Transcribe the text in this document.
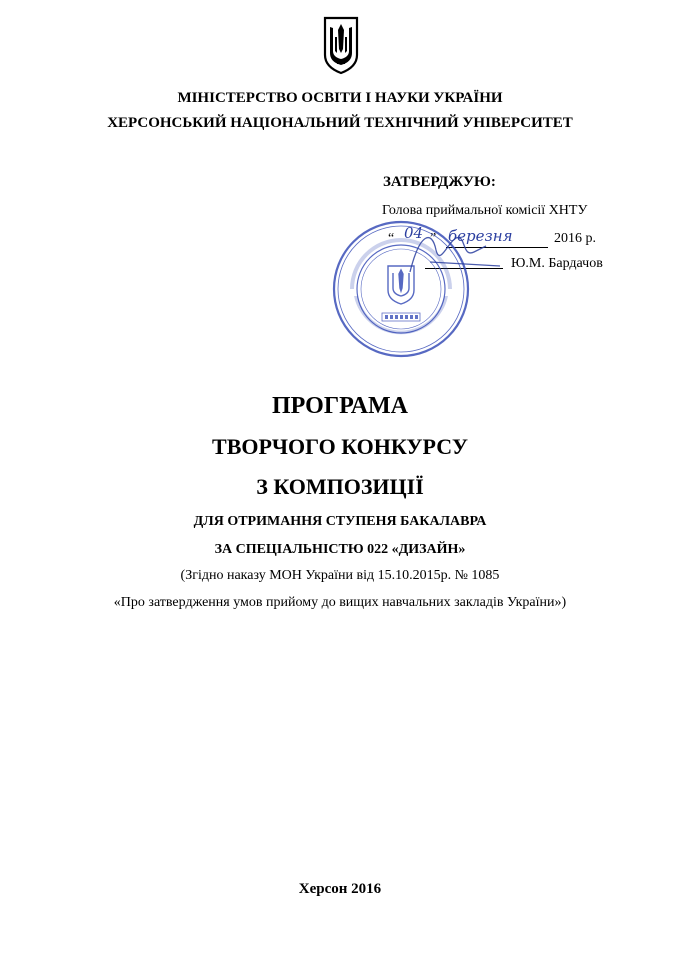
МІНІСТЕРСТВО ОСВІТИ І НАУКИ УКРАЇНИ
ХЕРСОНСЬКИЙ НАЦІОНАЛЬНИЙ ТЕХНІЧНИЙ УНІВЕРСИТЕТ
ЗАТВЕРДЖУЮ:
Голова приймальної комісії ХНТУ
“ 04 ” березня	2016 р.
Ю.М. Бардачов
ПРОГРАМА
ТВОРЧОГО КОНКУРСУ
З КОМПОЗИЦІЇ
ДЛЯ ОТРИМАННЯ СТУПЕНЯ БАКАЛАВРА
ЗА СПЕЦІАЛЬНІСТЮ 022 «ДИЗАЙН»
(Згідно наказу МОН України від 15.10.2015р. № 1085
«Про затвердження умов прийому до вищих навчальних закладів України»)
Херсон 2016
